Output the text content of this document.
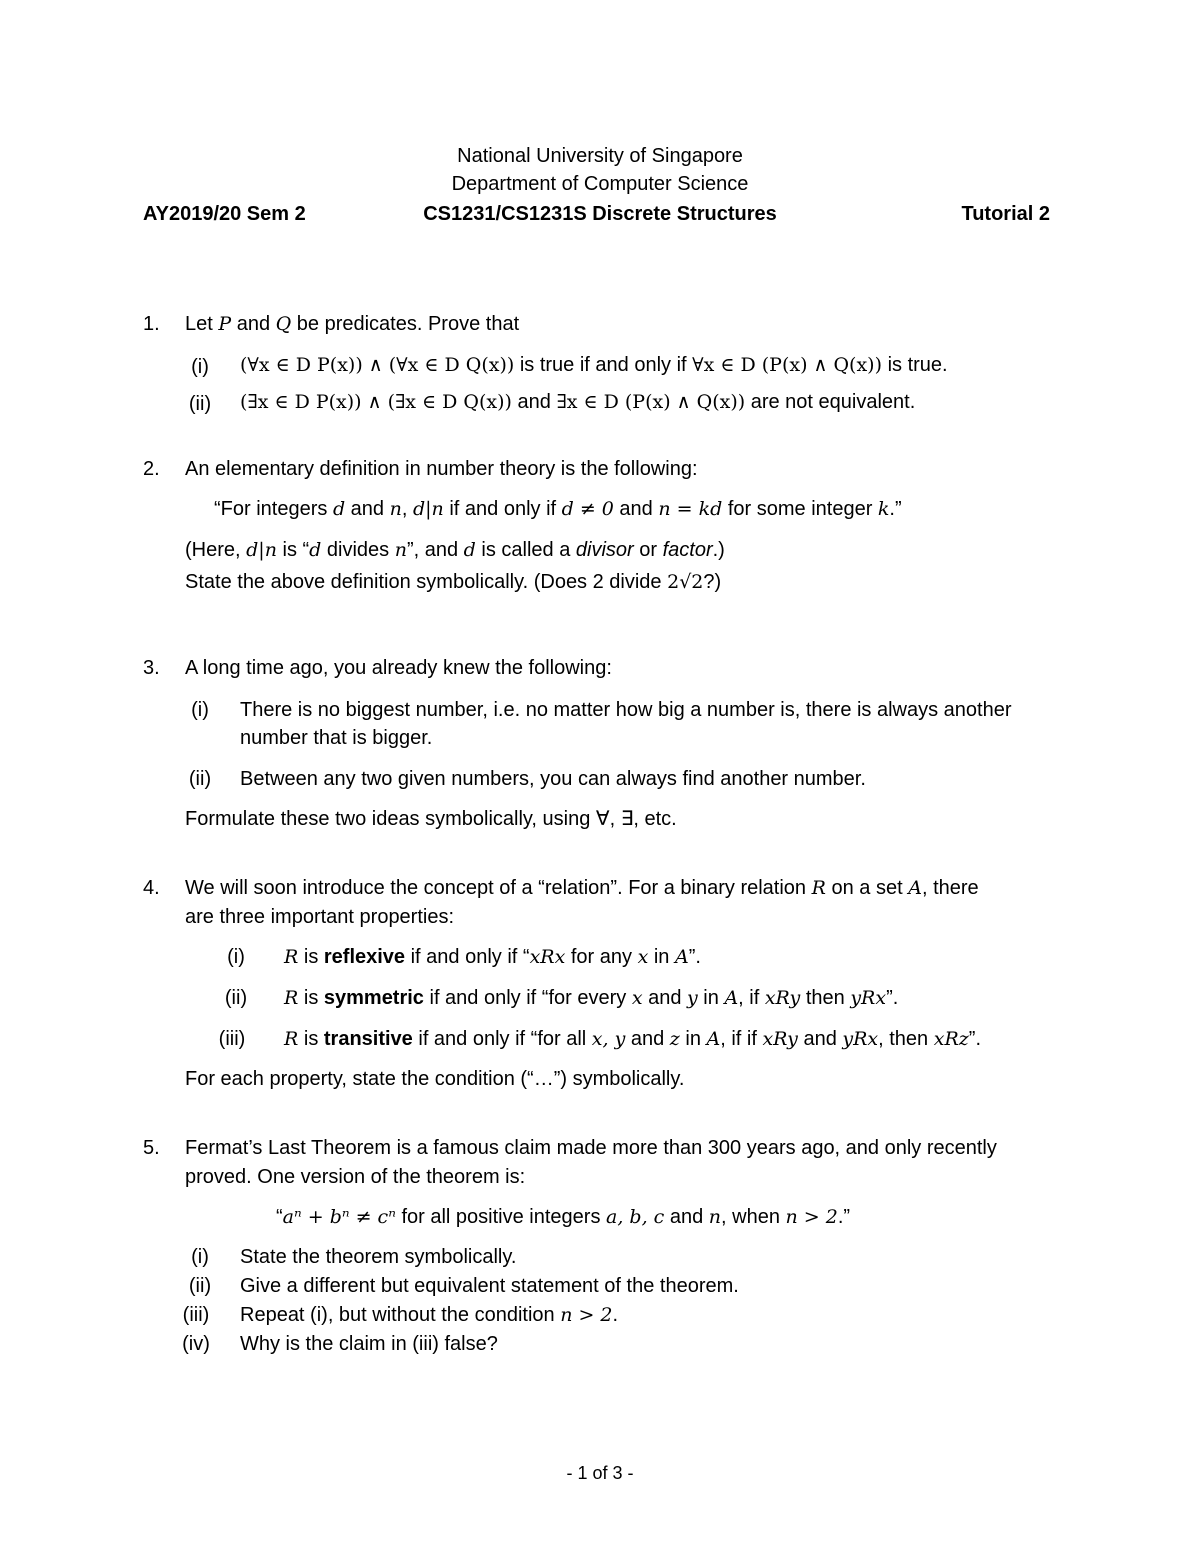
National University of Singapore
Department of Computer Science
AY2019/20 Sem 2	CS1231/CS1231S Discrete Structures	Tutorial 2
1. Let P and Q be predicates. Prove that
(i)	(∀x ∈ D P(x)) ∧ (∀x ∈ D Q(x)) is true if and only if ∀x ∈ D (P(x) ∧ Q(x)) is true.
(ii)	(∃x ∈ D P(x)) ∧ (∃x ∈ D Q(x)) and ∃x ∈ D (P(x) ∧ Q(x)) are not equivalent.
2. An elementary definition in number theory is the following:
“For integers d and n, d|n if and only if d ≠ 0 and n = kd for some integer k.”
(Here, d|n is “d divides n”, and d is called a divisor or factor.)
State the above definition symbolically. (Does 2 divide 2√2?)
3. A long time ago, you already knew the following:
(i)	There is no biggest number, i.e. no matter how big a number is, there is always another
number that is bigger.
(ii)	Between any two given numbers, you can always find another number.
Formulate these two ideas symbolically, using ∀, ∃, etc.
4. We will soon introduce the concept of a “relation”. For a binary relation R on a set A, there
are three important properties:
(i)	R is reflexive if and only if “xRx for any x in A”.
(ii)	R is symmetric if and only if “for every x and y in A, if xRy then yRx”.
(iii)	R is transitive if and only if “for all x, y and z in A, if if xRy and yRx, then xRz”.
For each property, state the condition (“…”) symbolically.
5. Fermat’s Last Theorem is a famous claim made more than 300 years ago, and only recently
proved. One version of the theorem is:
“aⁿ + bⁿ ≠ cⁿ for all positive integers a, b, c and n, when n > 2.”
(i)	State the theorem symbolically.
(ii)	Give a different but equivalent statement of the theorem.
(iii)	Repeat (i), but without the condition n > 2.
(iv)	Why is the claim in (iii) false?
- 1 of 3 -
